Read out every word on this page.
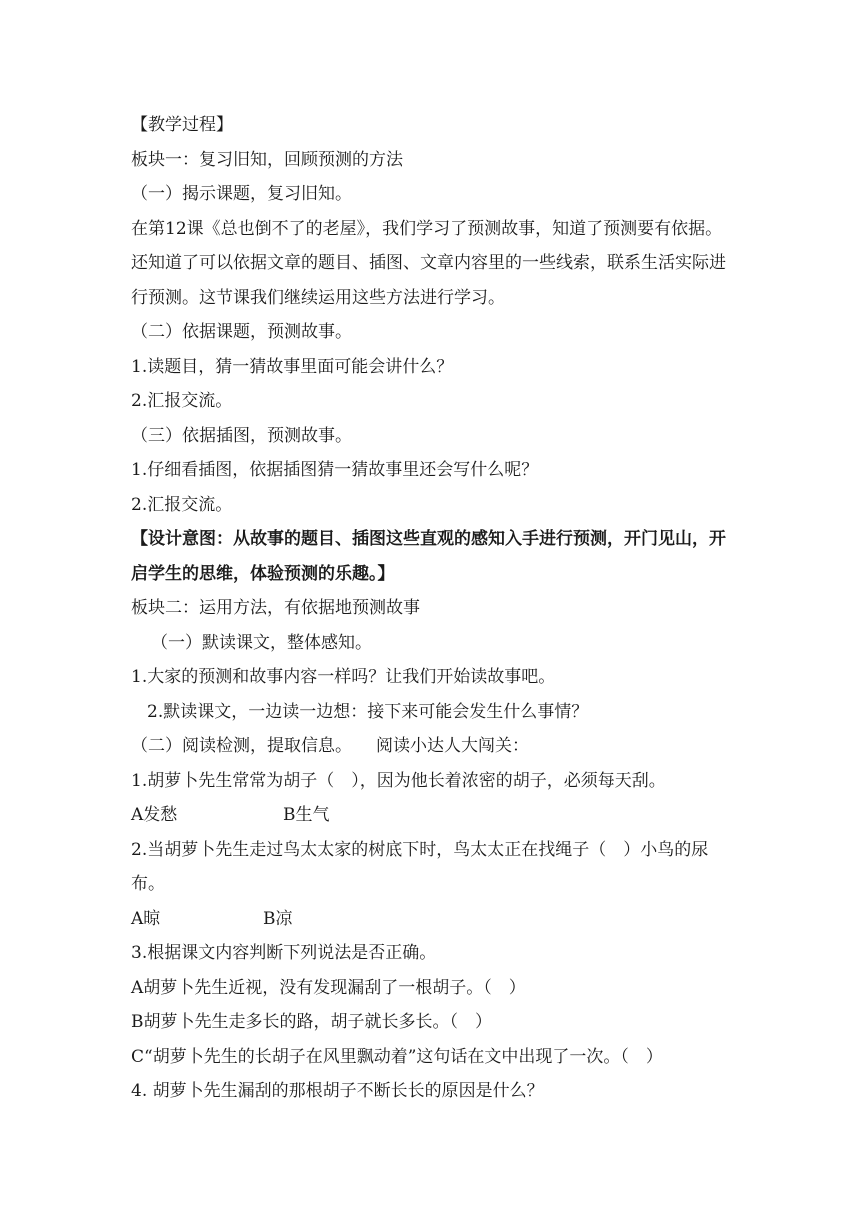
【教学过程】

板块一：复习旧知，回顾预测的方法

（一）揭示课题，复习旧知。

在第12课《总也倒不了的老屋》，我们学习了预测故事，知道了预测要有依据。

还知道了可以依据文章的题目、插图、文章内容里的一些线索，联系生活实际进

行预测。这节课我们继续运用这些方法进行学习。

（二）依据课题，预测故事。

1.读题目，猜一猜故事里面可能会讲什么？

2.汇报交流。

（三）依据插图，预测故事。

1.仔细看插图，依据插图猜一猜故事里还会写什么呢？

2.汇报交流。

【设计意图：从故事的题目、插图这些直观的感知入手进行预测，开门见山，开

启学生的思维，体验预测的乐趣。】

板块二：运用方法，有依据地预测故事

（一）默读课文，整体感知。

1.大家的预测和故事内容一样吗？让我们开始读故事吧。

2.默读课文，一边读一边想：接下来可能会发生什么事情？

（二）阅读检测，提取信息。 阅读小达人大闯关：

1.胡萝卜先生常常为胡子（　），因为他长着浓密的胡子，必须每天刮。

A发愁	B生气

2.当胡萝卜先生走过鸟太太家的树底下时，鸟太太正在找绳子（　）小鸟的尿

布。

A晾	B凉

3.根据课文内容判断下列说法是否正确。

A胡萝卜先生近视，没有发现漏刮了一根胡子。（　）

B胡萝卜先生走多长的路，胡子就长多长。（　）

C“胡萝卜先生的长胡子在风里飘动着”这句话在文中出现了一次。（　）

4. 胡萝卜先生漏刮的那根胡子不断长长的原因是什么？
